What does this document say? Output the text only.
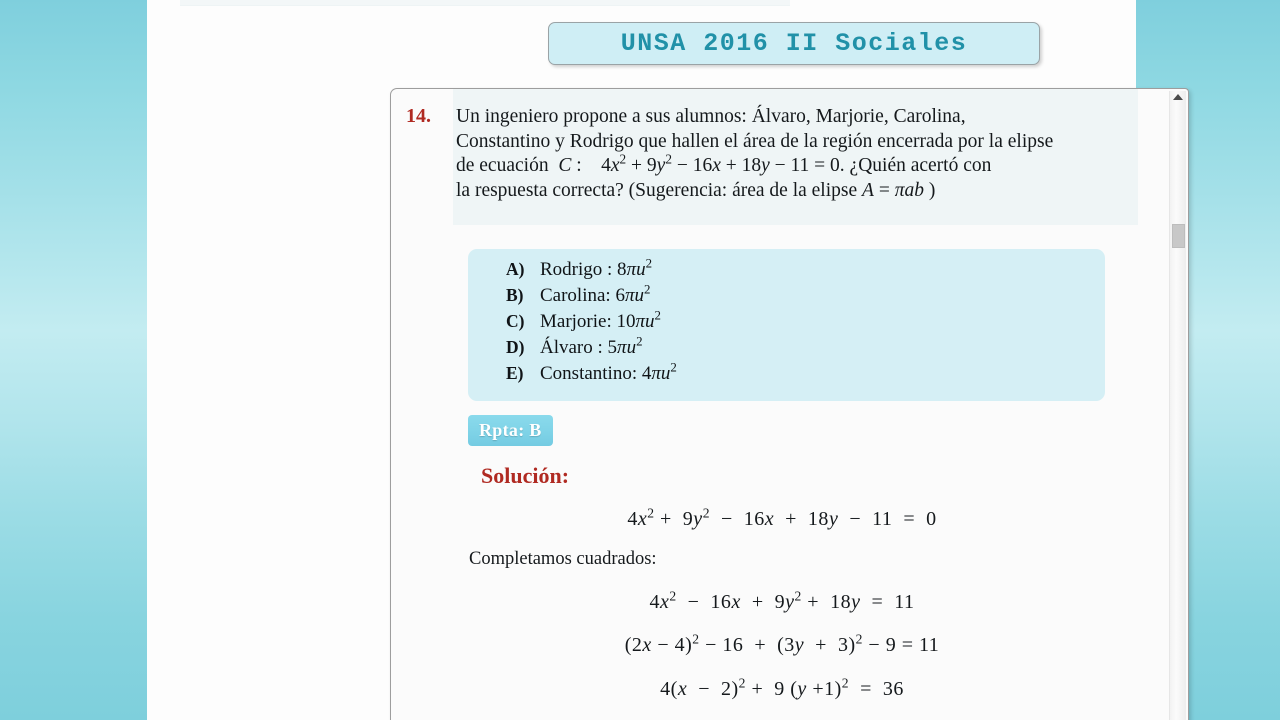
UNSA 2016 II Sociales
14.	Un ingeniero propone a sus alumnos: Álvaro, Marjorie, Carolina,
Constantino y Rodrigo que hallen el área de la región encerrada por la elipse
de ecuación  C :    $4x^2 + 9y^2 - 16x + 18y - 11 = 0$. ¿Quién acertó con
la respuesta correcta? (Sugerencia: área de la elipse A = πab )
A) Rodrigo : $8\pi u^2$
B) Carolina: $6\pi u^2$
C) Marjorie: $10\pi u^2$
D) Álvaro : $5\pi u^2$
E) Constantino: $4\pi u^2$
Rpta: B
Solución:
$4x^2 + 9y^2 - 16x + 18y - 11 = 0$
Completamos cuadrados:
$4x^2 - 16x + 9y^2 + 18y = 11$
$(2x - 4)^2 - 16 + (3y + 3)^2 - 9 = 11$
$4(x - 2)^2 + 9$ $(y +1)^2 = 36$
